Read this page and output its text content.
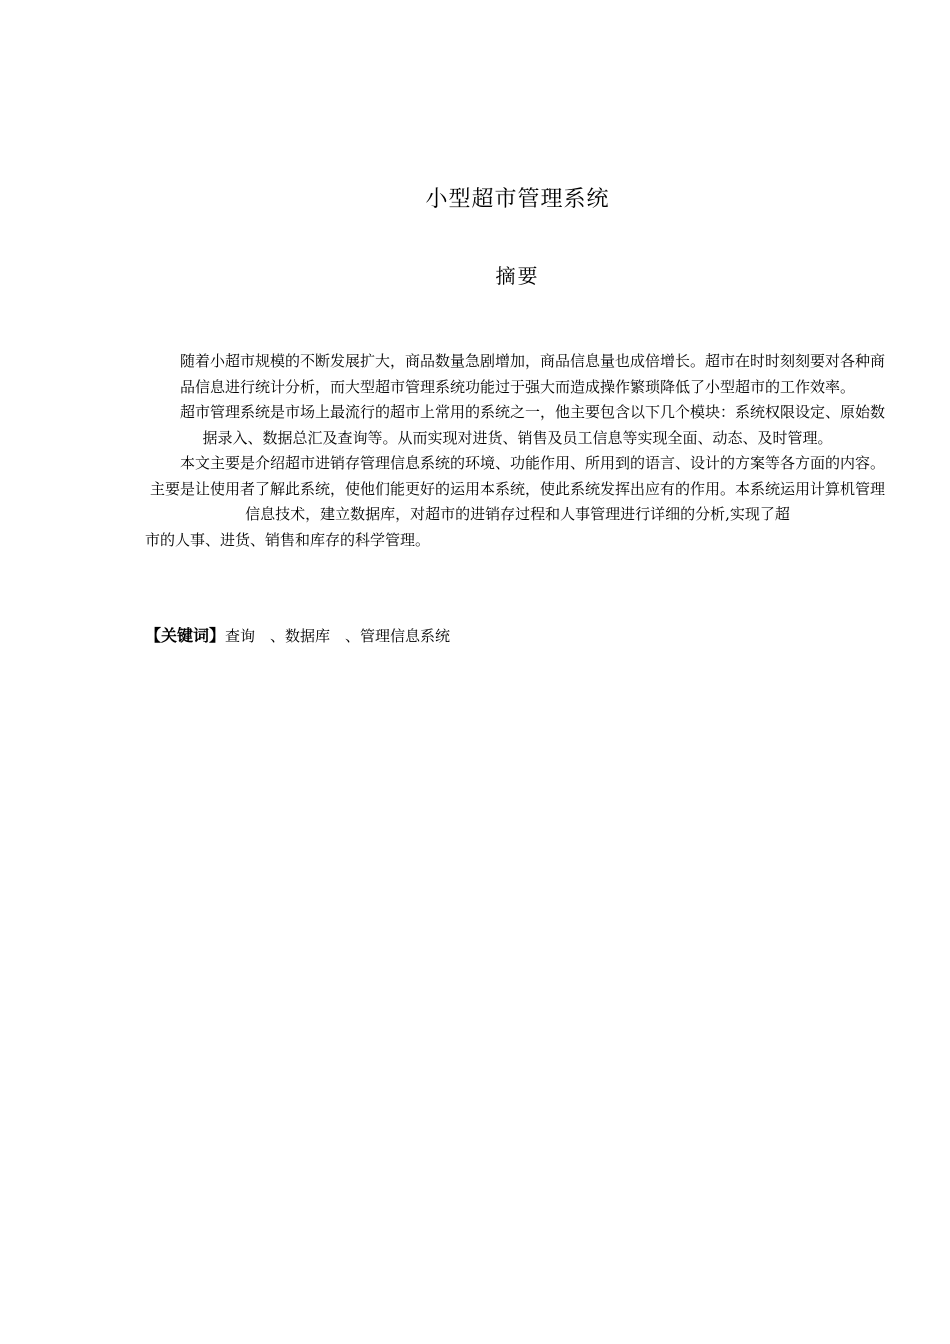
小型超市管理系统
摘要

随着小超市规模的不断发展扩大，商品数量急剧增加，商品信息量也成倍增长。超市在时时刻刻要对各种商品信息进行统计分析，而大型超市管理系统功能过于强大而造成操作繁琐降低了小型超市的工作效率。

超市管理系统是市场上最流行的超市上常用的系统之一，他主要包含以下几个模块：系统权限设定、原始数据录入、数据总汇及查询等。从而实现对进货、销售及员工信息等实现全面、动态、及时管理。

本文主要是介绍超市进销存管理信息系统的环境、功能作用、所用到的语言、设计的方案等各方面的内容。主要是让使用者了解此系统，使他们能更好的运用本系统，使此系统发挥出应有的作用。本系统运用计算机管理信息技术，建立数据库，对超市的进销存过程和人事管理进行详细的分析,实现了超

市的人事、进货、销售和库存的科学管理。

【关键词】查询　、数据库　、管理信息系统
